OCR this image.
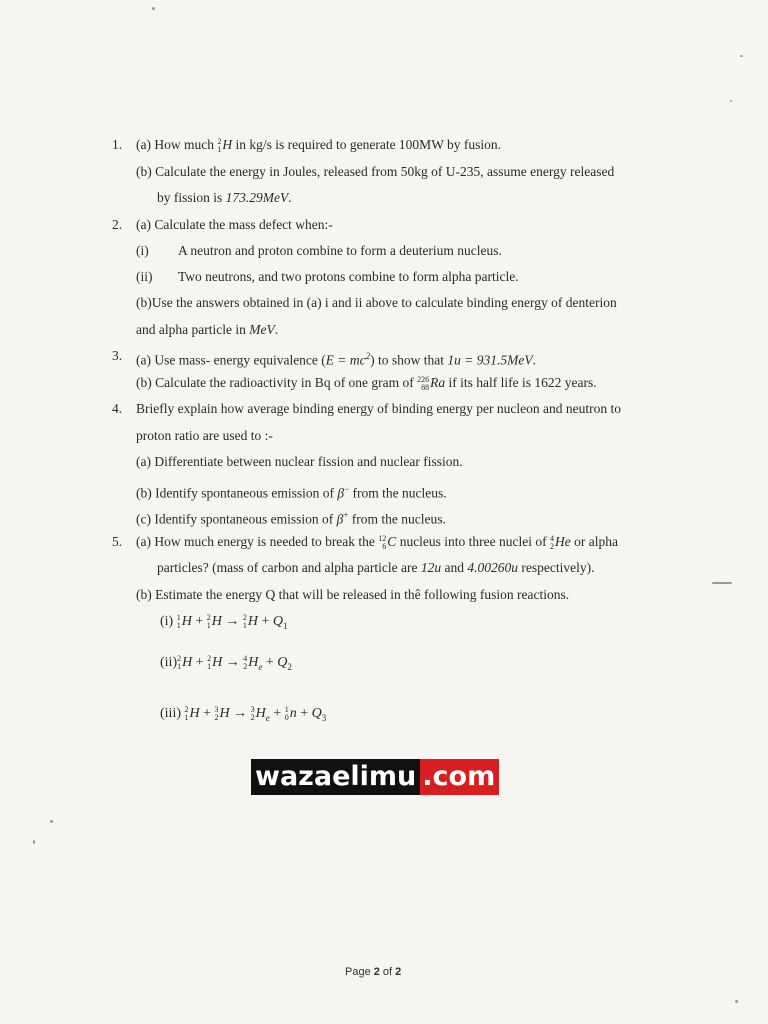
1. (a) How much 2
1 H in kg/s is required to generate 100MW by fusion.
(b) Calculate the energy in Joules, released from 50kg of U-235, assume energy released
by fission is 173.29MeV.
2. (a) Calculate the mass defect when:-
(i) A neutron and proton combine to form a deuterium nucleus.
(ii) Two neutrons, and two protons combine to form alpha particle.
(b)Use the answers obtained in (a) i and ii above to calculate binding energy of denterion
and alpha particle in MeV.
3. (a) Use mass- energy equivalence $(E = mc^2)$ to show that 1u = 931.5MeV.
(b) Calculate the radioactivity in Bq of one gram of 226
88 Ra if its half life is 1622 years.
4. Briefly explain how average binding energy of binding energy per nucleon and neutron to
proton ratio are used to :-
(a) Differentiate between nuclear fission and nuclear fission.
(b) Identify spontaneous emission of β− from the nucleus.
(c) Identify spontaneous emission of β+ from the nucleus.
5. (a) How much energy is needed to break the 12
6 C nucleus into three nuclei of 4
2 He or alpha
particles? (mass of carbon and alpha particle are 12u and 4.00260u respectively).
(b) Estimate the energy Q that will be released in thê following fusion reactions.
(i) 1
1 H + 2
1 H → 2
1 $H + Q_1$
(ii) 2
1 H + 2
1 H → 4
2 $H_e + Q_2$
(iii) 2
1 H + 3
2 H → 3
2 $H_e + 1$
0 $n + Q_3$
wazaelimu .com
Page 2 of 2
